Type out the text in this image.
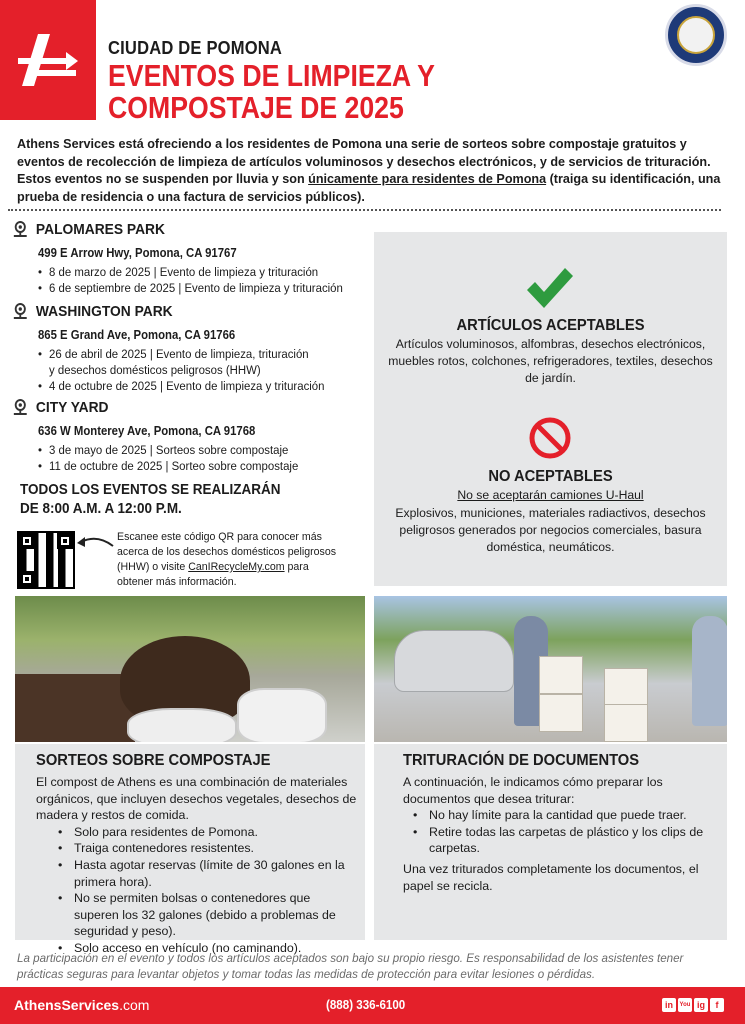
CIUDAD DE POMONA
EVENTOS DE LIMPIEZA Y
COMPOSTAJE DE 2025
Athens Services está ofreciendo a los residentes de Pomona una serie de sorteos sobre compostaje gratuitos y eventos de recolección de limpieza de artículos voluminosos y desechos electrónicos, y de servicios de trituración. Estos eventos no se suspenden por lluvia y son únicamente para residentes de Pomona (traiga su identificación, una prueba de residencia o una factura de servicios públicos).
PALOMARES PARK
499 E Arrow Hwy, Pomona, CA 91767
• 8 de marzo de 2025 | Evento de limpieza y trituración
• 6 de septiembre de 2025 | Evento de limpieza y trituración
WASHINGTON PARK
865 E Grand Ave, Pomona, CA 91766
• 26 de abril de 2025 | Evento de limpieza, trituración
y desechos domésticos peligrosos (HHW)
• 4 de octubre de 2025 | Evento de limpieza y trituración
CITY YARD
636 W Monterey Ave, Pomona, CA 91768
• 3 de mayo de 2025 | Sorteos sobre compostaje
• 11 de octubre de 2025 | Sorteo sobre compostaje
TODOS LOS EVENTOS SE REALIZARÁN
DE 8:00 A.M. A 12:00 P.M.
Escanee este código QR para conocer más acerca de los desechos domésticos peligrosos (HHW) o visite CanIRecycleMy.com para obtener más información.
ARTÍCULOS ACEPTABLES
Artículos voluminosos, alfombras, desechos electrónicos, muebles rotos, colchones, refrigeradores, textiles, desechos de jardín.
NO ACEPTABLES
No se aceptarán camiones U-Haul
Explosivos, municiones, materiales radiactivos, desechos peligrosos generados por negocios comerciales, basura doméstica, neumáticos.
SORTEOS SOBRE COMPOSTAJE

El compost de Athens es una combinación de materiales orgánicos, que incluyen desechos vegetales, desechos de madera y restos de comida.

• Solo para residentes de Pomona.
• Traiga contenedores resistentes.
• Hasta agotar reservas (límite de 30 galones en la primera hora).
• No se permiten bolsas o contenedores que superen los 32 galones (debido a problemas de seguridad y peso).
• Solo acceso en vehículo (no caminando).
TRITURACIÓN DE DOCUMENTOS

A continuación, le indicamos cómo preparar los documentos que desea triturar:

• No hay límite para la cantidad que puede traer.
• Retire todas las carpetas de plástico y los clips de carpetas.

Una vez triturados completamente los documentos, el papel se recicla.

La participación en el evento y todos los artículos aceptados son bajo su propio riesgo. Es responsabilidad de los asistentes tener prácticas seguras para levantar objetos y tomar todas las medidas de protección para evitar lesiones o pérdidas.
AthensServices.com	(888) 336-6100	in	You ig	f
